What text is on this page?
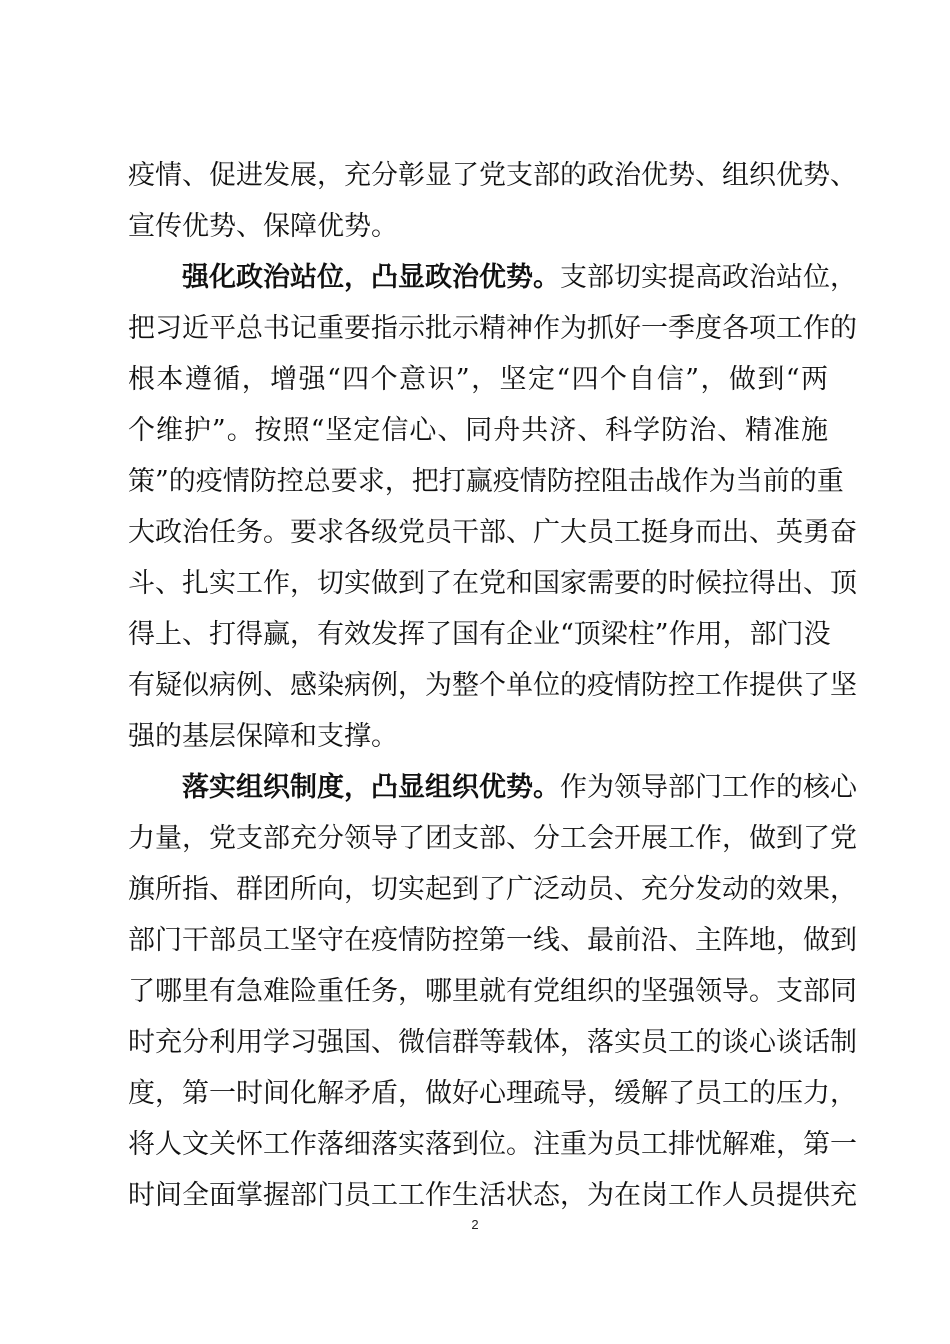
疫情、促进发展，充分彰显了党支部的政治优势、组织优势、
宣传优势、保障优势。

强化政治站位，凸显政治优势。支部切实提高政治站位，
把习近平总书记重要指示批示精神作为抓好一季度各项工作的
根本遵循，增强“四个意识”，坚定“四个自信”，做到“两
个维护”。按照“坚定信心、同舟共济、科学防治、精准施
策”的疫情防控总要求，把打赢疫情防控阻击战作为当前的重
大政治任务。要求各级党员干部、广大员工挺身而出、英勇奋
斗、扎实工作，切实做到了在党和国家需要的时候拉得出、顶
得上、打得赢，有效发挥了国有企业“顶梁柱”作用，部门没
有疑似病例、感染病例，为整个单位的疫情防控工作提供了坚
强的基层保障和支撑。

落实组织制度，凸显组织优势。作为领导部门工作的核心
力量，党支部充分领导了团支部、分工会开展工作，做到了党
旗所指、群团所向，切实起到了广泛动员、充分发动的效果，
部门干部员工坚守在疫情防控第一线、最前沿、主阵地，做到
了哪里有急难险重任务，哪里就有党组织的坚强领导。支部同
时充分利用学习强国、微信群等载体，落实员工的谈心谈话制
度，第一时间化解矛盾，做好心理疏导，缓解了员工的压力，
将人文关怀工作落细落实落到位。注重为员工排忧解难，第一
时间全面掌握部门员工工作生活状态，为在岗工作人员提供充

2
